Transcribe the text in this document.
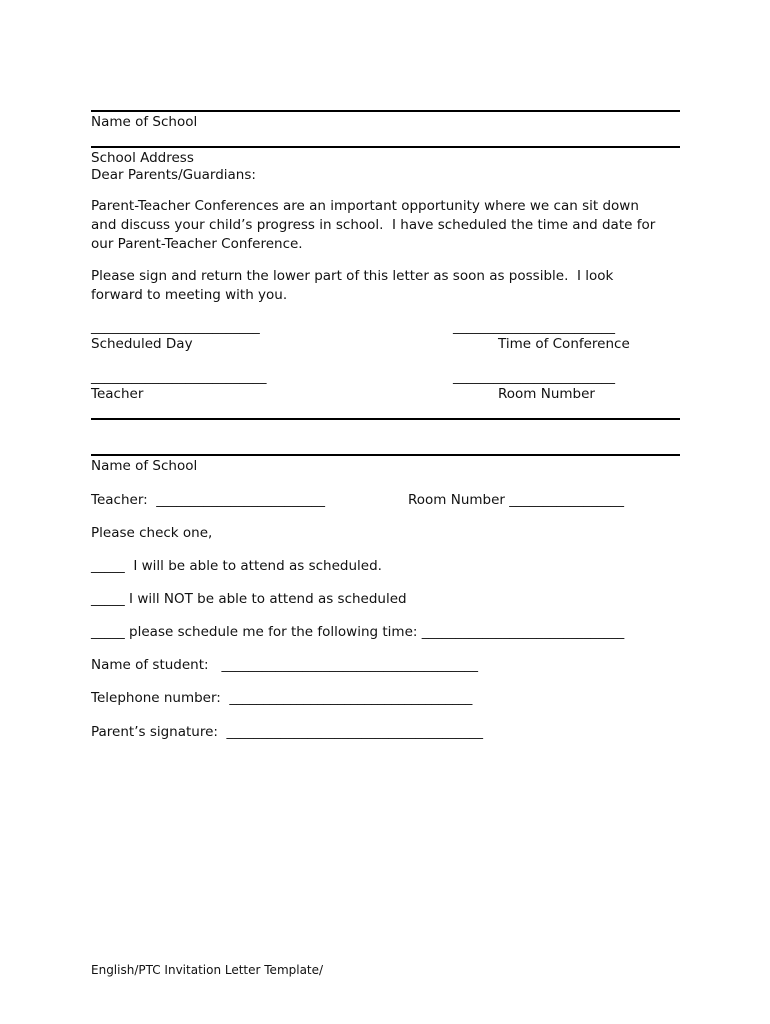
Name of School
School Address
Dear Parents/Guardians:
Parent-Teacher Conferences are an important opportunity where we can sit down
and discuss your child’s progress in school.  I have scheduled the time and date for
our Parent-Teacher Conference.
Please sign and return the lower part of this letter as soon as possible.  I look
forward to meeting with you.
_________________________
Scheduled Day
________________________
Time of Conference
__________________________
Teacher
________________________
Room Number
Name of School
Teacher:  _________________________	Room Number _________________
Please check one,
_____  I will be able to attend as scheduled.
_____ I will NOT be able to attend as scheduled
_____ please schedule me for the following time: ______________________________
Name of student:   ______________________________________
Telephone number:  ____________________________________
Parent’s signature:  ______________________________________
English/PTC Invitation Letter Template/
